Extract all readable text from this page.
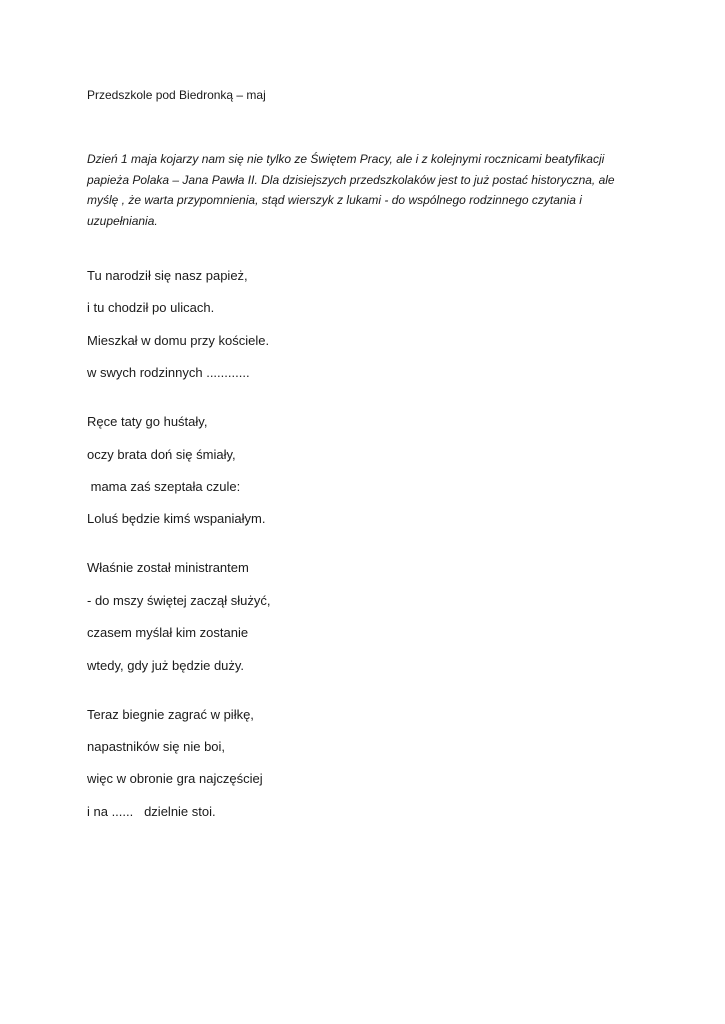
Przedszkole pod Biedronką – maj

Dzień 1 maja kojarzy nam się nie tylko ze Świętem Pracy, ale i z kolejnymi rocznicami beatyfikacji papieża Polaka – Jana Pawła II. Dla dzisiejszych przedszkolaków jest to już postać historyczna, ale myślę , że warta przypomnienia, stąd wierszyk z lukami - do wspólnego rodzinnego czytania i uzupełniania.

Tu narodził się nasz papież,
i tu chodził po ulicach.
Mieszkał w domu przy kościele.
w swych rodzinnych ............
Ręce taty go huśtały,
oczy brata doń się śmiały,
mama zaś szeptała czule:
Loluś będzie kimś wspaniałym.
Właśnie został ministrantem
- do mszy świętej zaczął służyć,
czasem myślał kim zostanie
wtedy, gdy już będzie duży.
Teraz biegnie zagrać w piłkę,
napastników się nie boi,
więc w obronie gra najczęściej
i na ......   dzielnie stoi.
